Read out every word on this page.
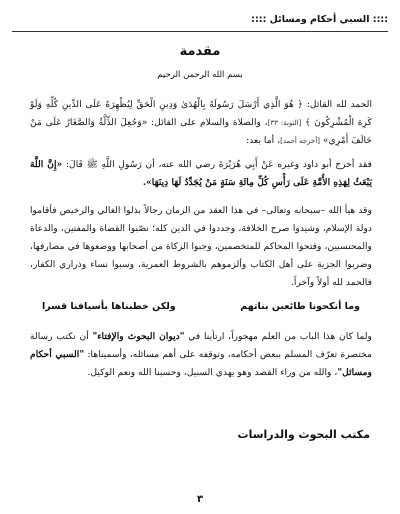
:::: السبي أحكام ومسائل ::::
مقدمة
بسم الله الرحمن الرحيم

الحمد لله القائل: ﴿ هُوَ الَّذِي أَرْسَلَ رَسُولَهُ بِالْهُدَىٰ وَدِينِ الْحَقِّ لِيُظْهِرَهُ عَلَى الدِّينِ كُلِّهِ وَلَوْ كَرِهَ الْمُشْرِكُونَ ﴾ [التوبة: ٣٣]، والصلاة والسلام على القائل: «وَجُعِلَ الذِّلَّةُ وَالصَّغَارُ عَلَى مَنْ خَالَفَ أَمْرِي» [أخرجه أحمد]، أما بعد:

فقد أخرج أبو داود وغيره عَنْ أَبِي هُرَيْرَةَ رضي الله عنه، أن رَسُولِ اللَّهِ ﷺ قَالَ: «إِنَّ اللَّهَ يَبْعَثُ لِهَذِهِ الأُمَّةِ عَلَى رَأْسِ كُلِّ مِائَةِ سَنَةٍ مَنْ يُجَدِّدُ لَهَا دِينَهَا».

وقد هيأ الله –سبحانه وتعالى– في هذا العقد من الزمان رجالاً بذلوا الغالي والرخيص فأقاموا دولة الإسلام، وشيدوا صرح الخلافة، وجددوا في الدين كله؛ نصّبوا القضاة والمفتين، والدعاة والمحتسبين، وفتحوا المحاكم للمتخصمين، وجبوا الزكاة من أصحابها ووضعوها في مصارفها، وضربوا الجزية على أهل الكتاب وألزموهم بالشروط العمرية، وسبوا نساء وذراري الكفار، فالحمد لله أولاً وآخراً.

وما أنكحونا طائعين بناتهم
ولكن خطبناها بأسيافنا قسرا

ولما كان هذا الباب من العلم مهجوراً، ارتأينا في "ديوان البحوث والإفتاء" أن نكتب رسالة مختصرة تعرّف المسلم ببعض أحكامه، وتوقفه على أهم مسائله، وأسميناها: "السبي أحكام ومسائل"، والله من وراء القصد وهو يهدي السبيل، وحسبنا الله ونعم الوكيل.

مكتب البحوث والدراسات
٣
